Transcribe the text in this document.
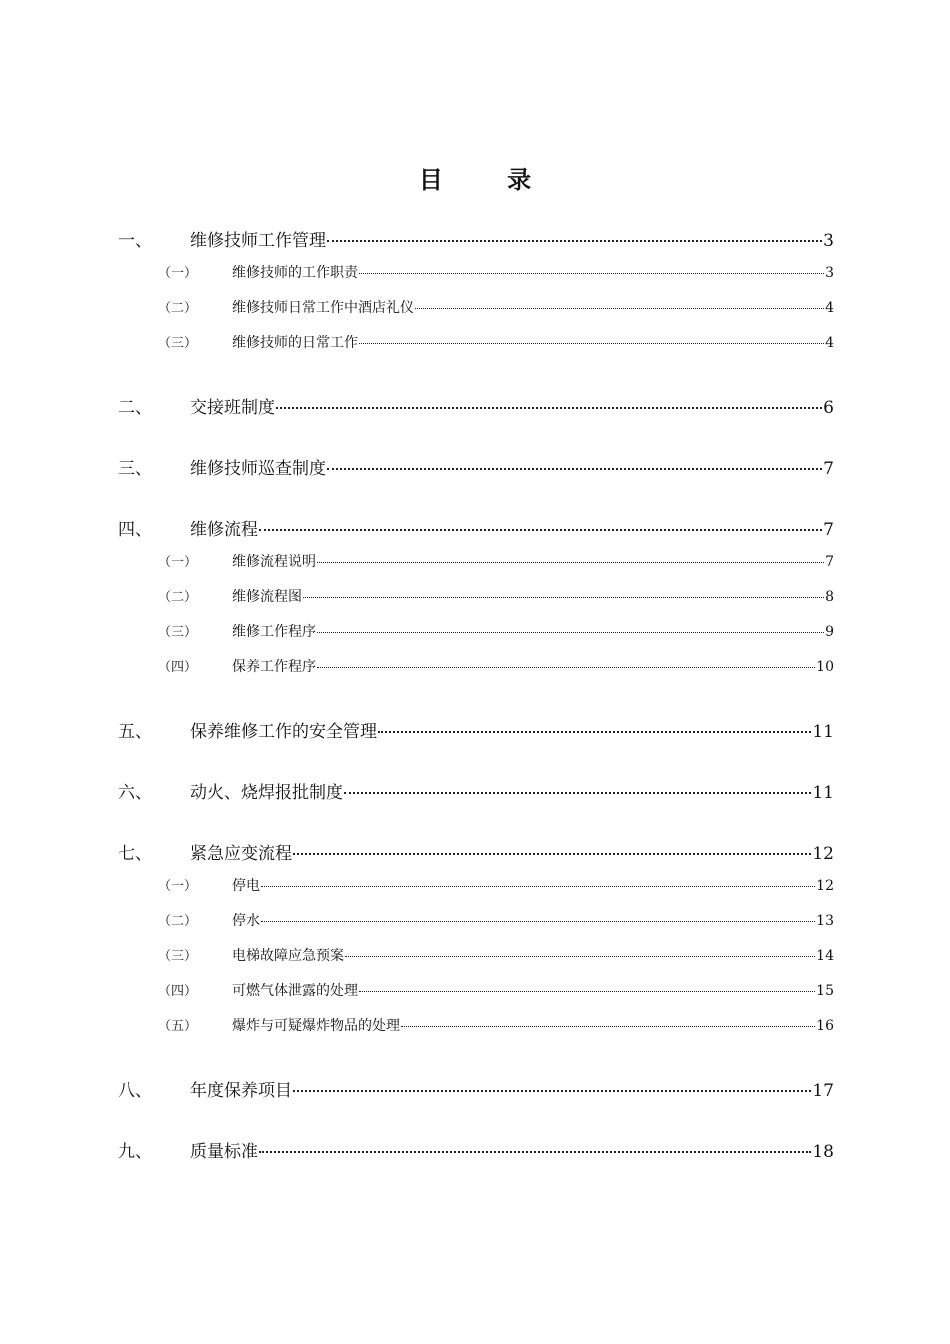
目 录
一、	维修技师工作管理	3
（一）	维修技师的工作职责	3
（二）	维修技师日常工作中酒店礼仪	4
（三）	维修技师的日常工作	4
二、	交接班制度	6
三、	维修技师巡查制度	7
四、	维修流程	7
（一）	维修流程说明	7
（二）	维修流程图	8
（三）	维修工作程序	9
（四）	保养工作程序	10
五、	保养维修工作的安全管理	11
六、	动火、烧焊报批制度	11
七、	紧急应变流程	12
（一）	停电	12
（二）	停水	13
（三）	电梯故障应急预案	14
（四）	可燃气体泄露的处理	15
（五）	爆炸与可疑爆炸物品的处理	16
八、	年度保养项目	17
九、	质量标准	18
